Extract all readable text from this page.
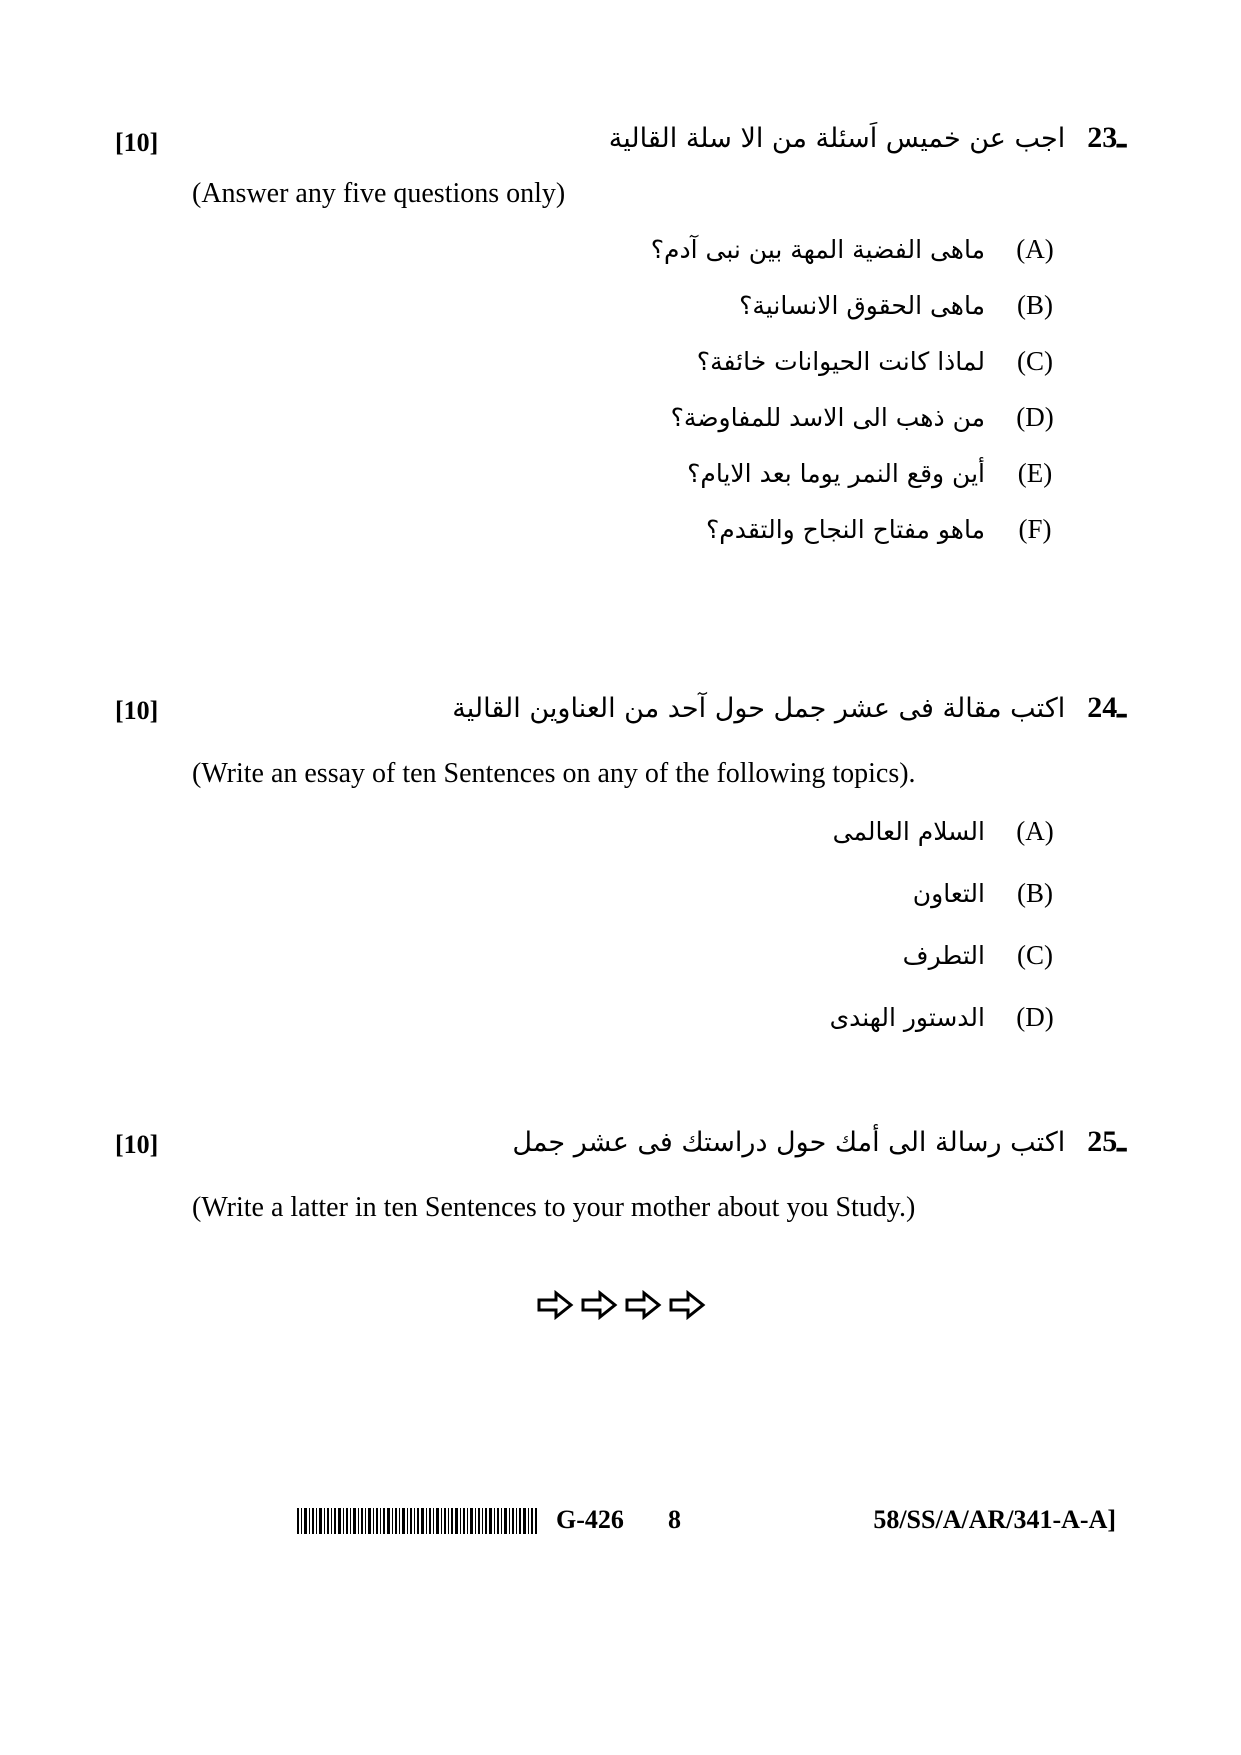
[10]	23ـ
اجب عن خميس اَسئلة من الا سلة القالية
(Answer any five questions only)
(A)
ماهی الفضية المهة بين نبى آدم؟
(B)
ماهی الحقوق الانسانية؟
(C)
لماذا كانت الحيوانات خائفة؟
(D)
من ذهب الى الاسد للمفاوضة؟
(E)
أين وقع النمر يوما بعد الايام؟
(F)
ماهو مفتاح النجاح والتقدم؟
[10]	24ـ
اكتب مقالة فى عشر جمل حول آحد من العناوين القالية
(Write an essay of ten Sentences on any of the following topics).
(A)
السلام العالمى
(B)
التعاون
(C)
التطرف
(D)
الدستور الهندى
[10]	25ـ
اكتب رسالة الى أمك حول دراستك فى عشر جمل
(Write a latter in ten Sentences to your mother about you Study.)
G-426 8	58/SS/A/AR/341-A-A]
